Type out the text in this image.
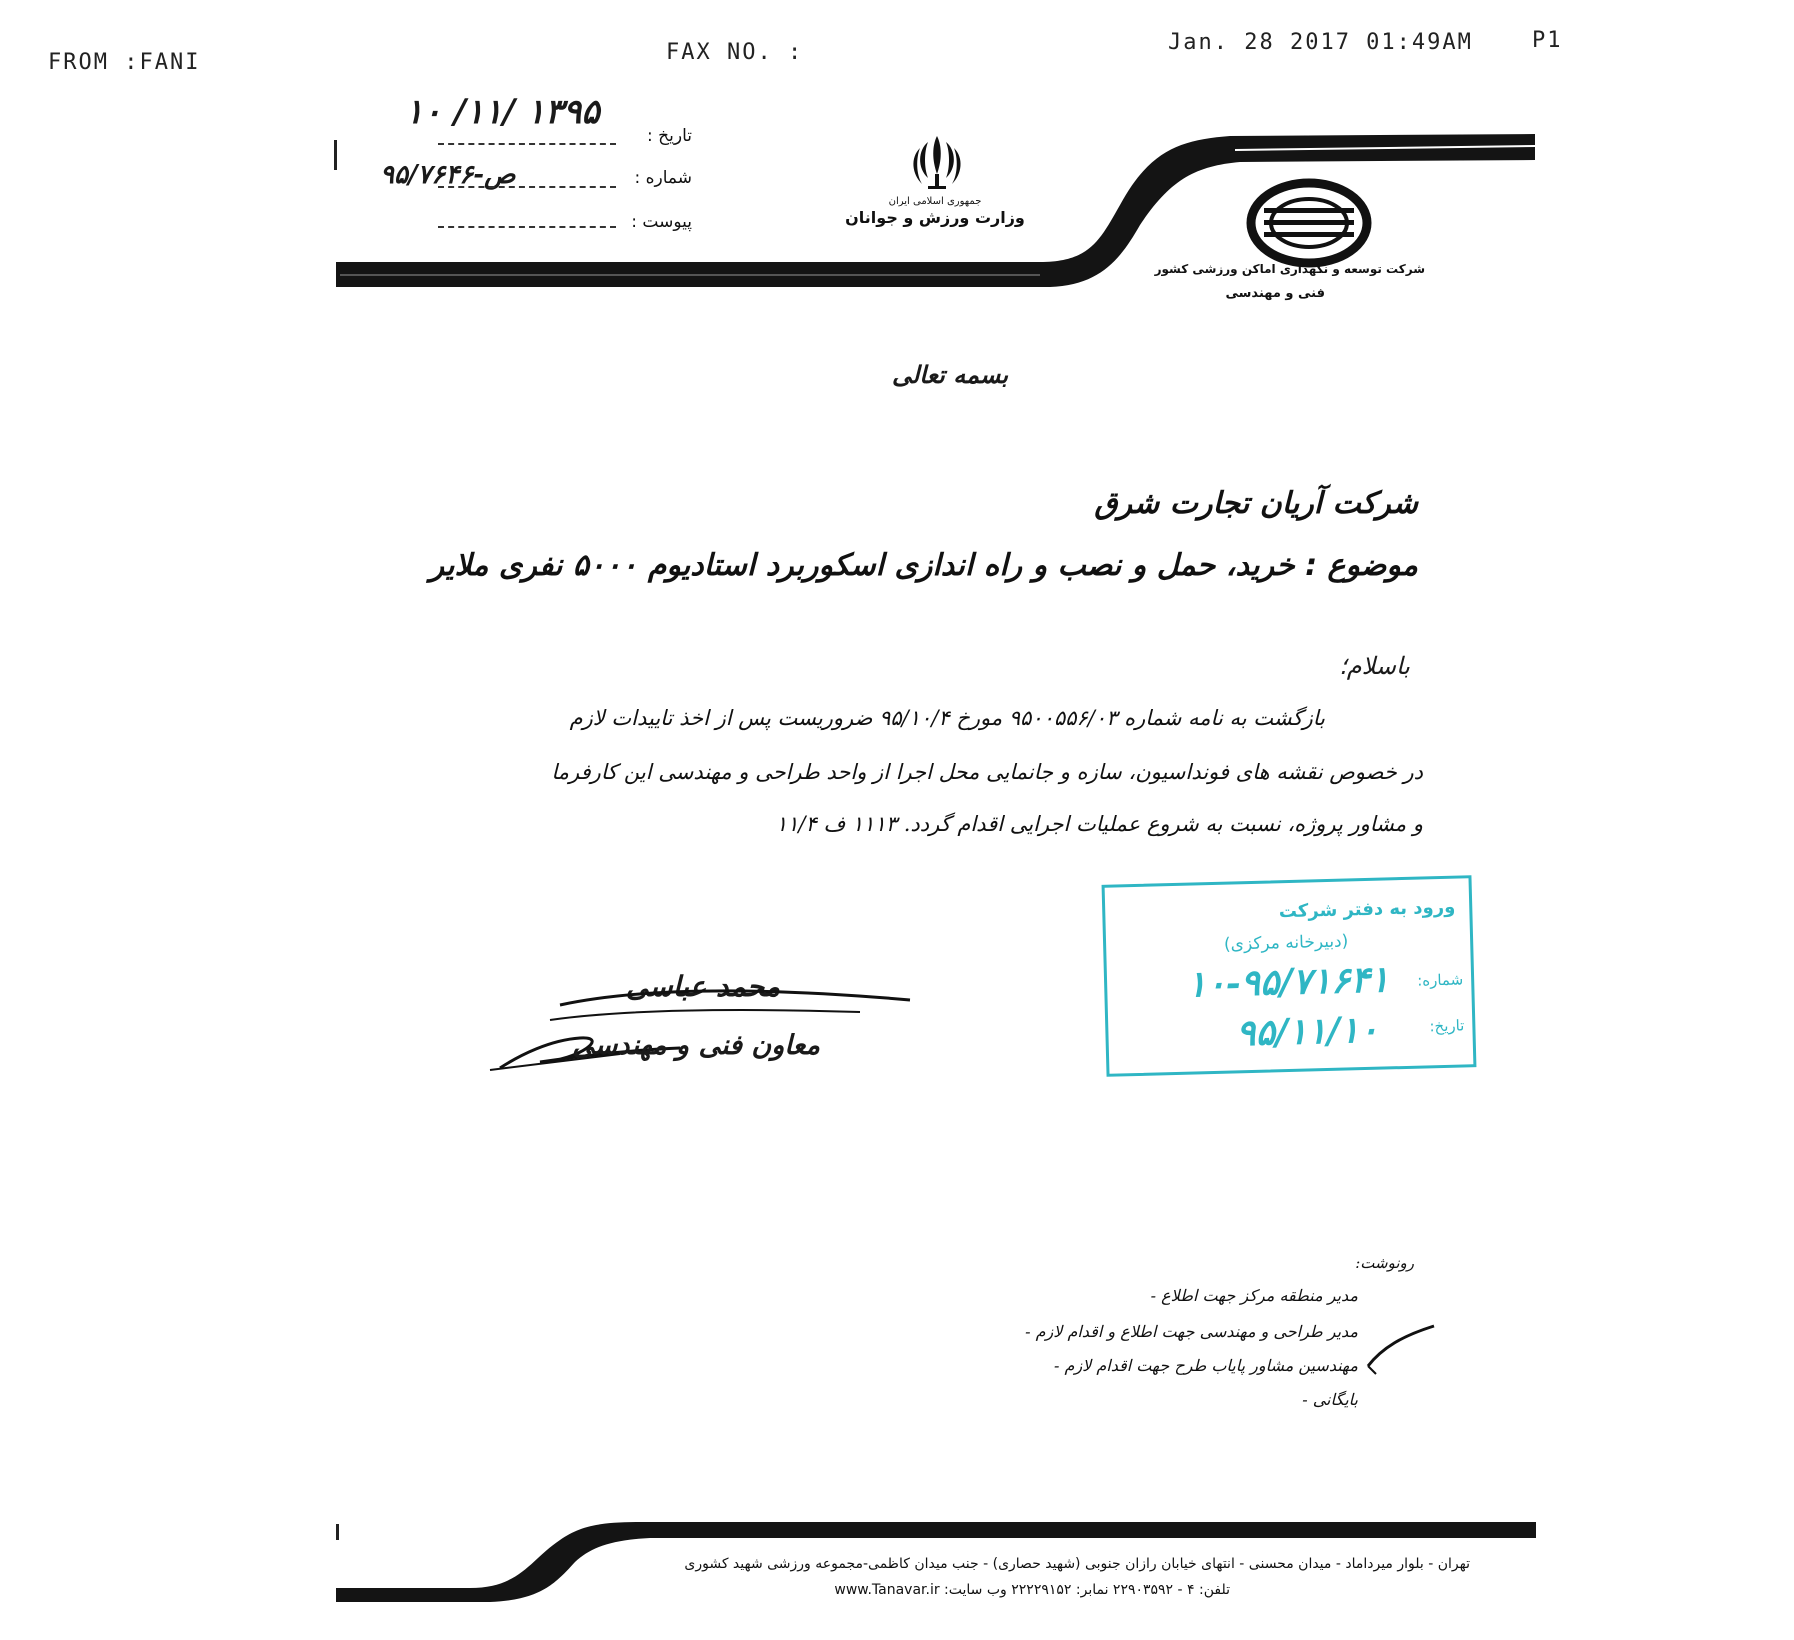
FROM :FANI	FAX NO. :	Jan. 28 2017 01:49AM	P1
۱۳۹۵ /۱۱/ ۱۰
تاریخ :
ص-۹۵/۷۶۴۶	شماره :
پیوست :
جمهوری اسلامی ایران
وزارت ورزش و جوانان
شرکت توسعه و نگهداری اماکن ورزشی کشور
فنی و مهندسی
بسمه تعالی
شرکت آریان تجارت شرق
موضوع : خرید، حمل و نصب و راه اندازی اسکوربرد استادیوم ۵۰۰۰ نفری ملایر
باسلام؛
بازگشت به نامه شماره ۹۵۰۰۵۵۶/۰۳ مورخ ۹۵/۱۰/۴ ضروریست پس از اخذ تاییدات لازم
در خصوص نقشه های فونداسیون، سازه و جانمایی محل اجرا از واحد طراحی و مهندسی این کارفرما
و مشاور پروژه، نسبت به شروع عملیات اجرایی اقدام گردد. ۱۱۱۳ ف ۱۱/۴
محمد عباسی
معاون فنی و مهندسی
ورود به دفتر شرکت
(دبیرخانه مرکزی)
شماره:
۱۰-۹۵/۷۱۶۴۱
تاریخ:
۹۵/۱۱/۱۰
رونوشت:
مدیر منطقه مرکز جهت اطلاع -
مدیر طراحی و مهندسی جهت اطلاع و اقدام لازم -
مهندسین مشاور پایاب طرح جهت اقدام لازم -
بایگانی -
تهران - بلوار میرداماد - میدان محسنی - انتهای خیابان رازان جنوبی (شهید حصاری) - جنب میدان کاظمی-مجموعه ورزشی شهید کشوری
تلفن: ۴ - ۲۲۹۰۳۵۹۲ نمابر: ۲۲۲۲۹۱۵۲ وب سایت: www.Tanavar.ir
